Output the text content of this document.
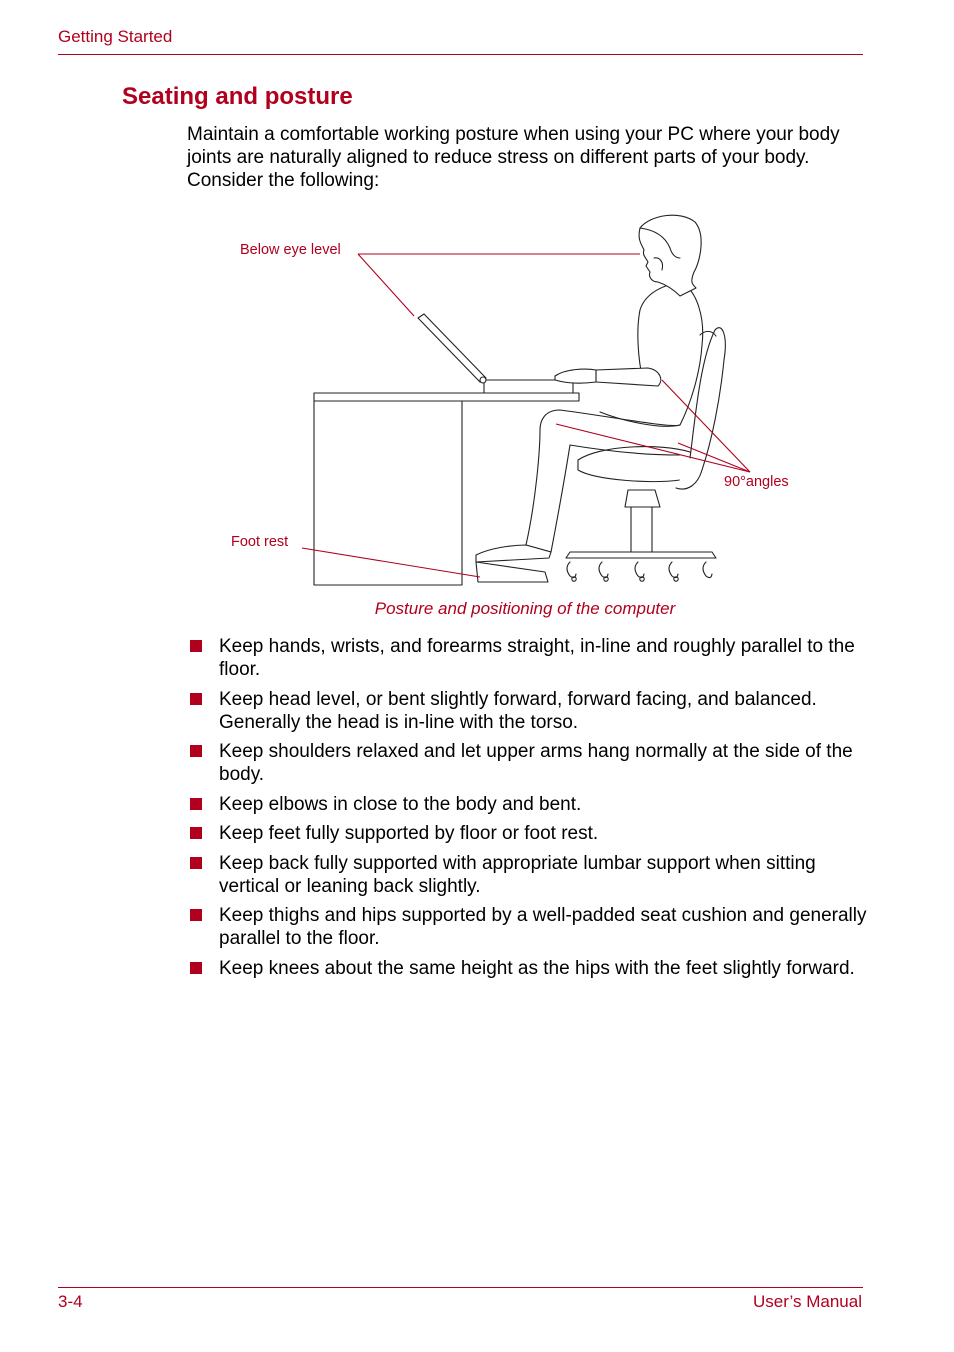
Getting Started
Seating and posture
Maintain a comfortable working posture when using your PC where your body joints are naturally aligned to reduce stress on different parts of your body. Consider the following:
Below eye level
90°angles
Foot rest
Posture and positioning of the computer
Keep hands, wrists, and forearms straight, in-line and roughly parallel to the floor.
Keep head level, or bent slightly forward, forward facing, and balanced. Generally the head is in-line with the torso.
Keep shoulders relaxed and let upper arms hang normally at the side of the body.
Keep elbows in close to the body and bent.
Keep feet fully supported by floor or foot rest.
Keep back fully supported with appropriate lumbar support when sitting vertical or leaning back slightly.
Keep thighs and hips supported by a well-padded seat cushion and generally parallel to the floor.
Keep knees about the same height as the hips with the feet slightly forward.
3-4	User’s Manual
